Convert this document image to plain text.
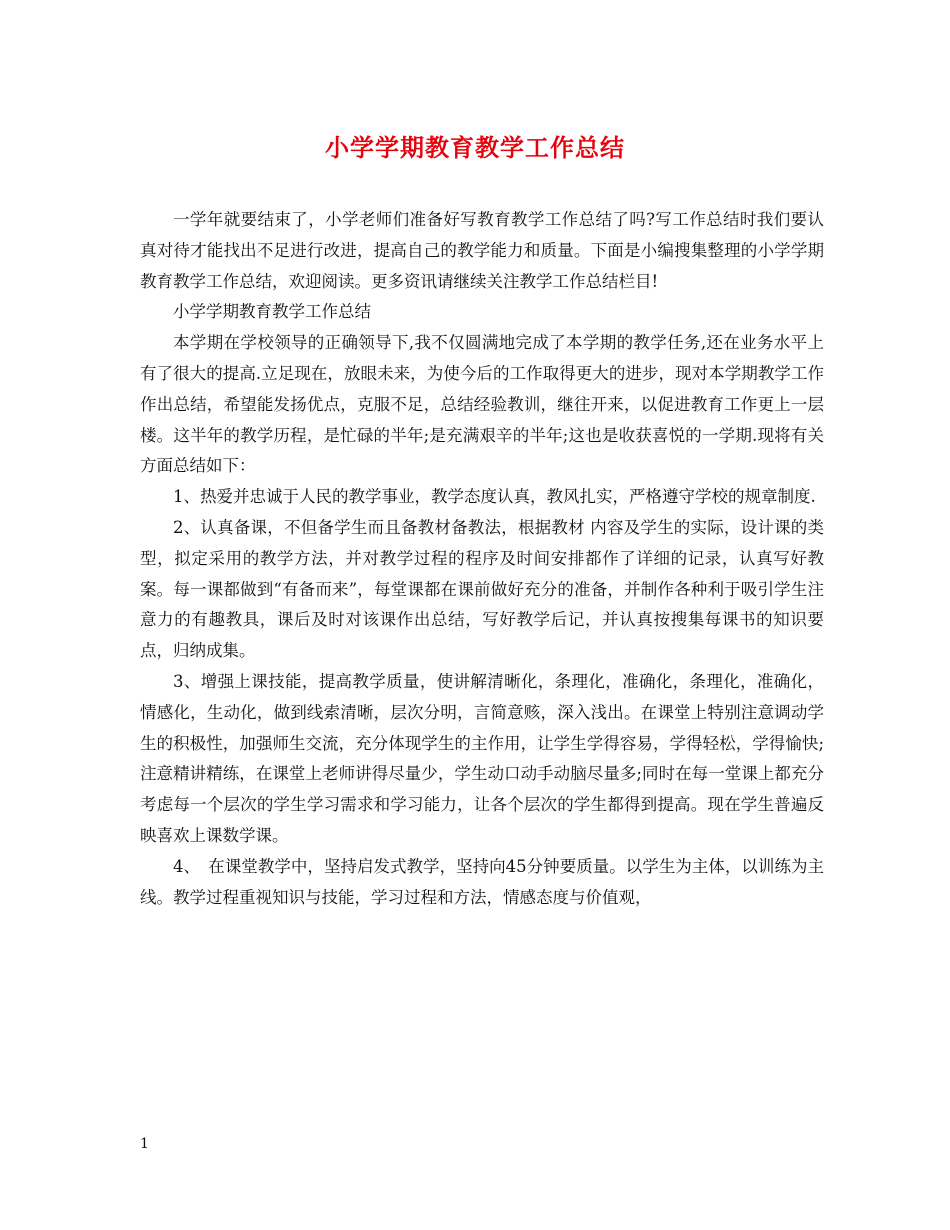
小学学期教育教学工作总结

一学年就要结束了，小学老师们准备好写教育教学工作总结了吗?写工作总结时我们要认真对待才能找出不足进行改进，提高自己的教学能力和质量。下面是小编搜集整理的小学学期教育教学工作总结，欢迎阅读。更多资讯请继续关注教学工作总结栏目!

小学学期教育教学工作总结

本学期在学校领导的正确领导下,我不仅圆满地完成了本学期的教学任务,还在业务水平上有了很大的提高.立足现在，放眼未来，为使今后的工作取得更大的进步，现对本学期教学工作作出总结，希望能发扬优点，克服不足，总结经验教训，继往开来，以促进教育工作更上一层楼。这半年的教学历程，是忙碌的半年;是充满艰辛的半年;这也是收获喜悦的一学期.现将有关方面总结如下：

1、热爱并忠诚于人民的教学事业，教学态度认真，教风扎实，严格遵守学校的规章制度.

2、认真备课，不但备学生而且备教材备教法，根据教材 内容及学生的实际，设计课的类型，拟定采用的教学方法，并对教学过程的程序及时间安排都作了详细的记录，认真写好教案。每一课都做到“有备而来”，每堂课都在课前做好充分的准备，并制作各种利于吸引学生注意力的有趣教具，课后及时对该课作出总结，写好教学后记，并认真按搜集每课书的知识要点，归纳成集。

3、增强上课技能，提高教学质量，使讲解清晰化，条理化，准确化，条理化，准确化，情感化，生动化，做到线索清晰，层次分明，言简意赅，深入浅出。在课堂上特别注意调动学生的积极性，加强师生交流，充分体现学生的主作用，让学生学得容易，学得轻松，学得愉快;注意精讲精练，在课堂上老师讲得尽量少，学生动口动手动脑尽量多;同时在每一堂课上都充分考虑每一个层次的学生学习需求和学习能力，让各个层次的学生都得到提高。现在学生普遍反映喜欢上课数学课。

4、　在课堂教学中，坚持启发式教学，坚持向45分钟要质量。以学生为主体，以训练为主线。教学过程重视知识与技能，学习过程和方法，情感态度与价值观，

1
